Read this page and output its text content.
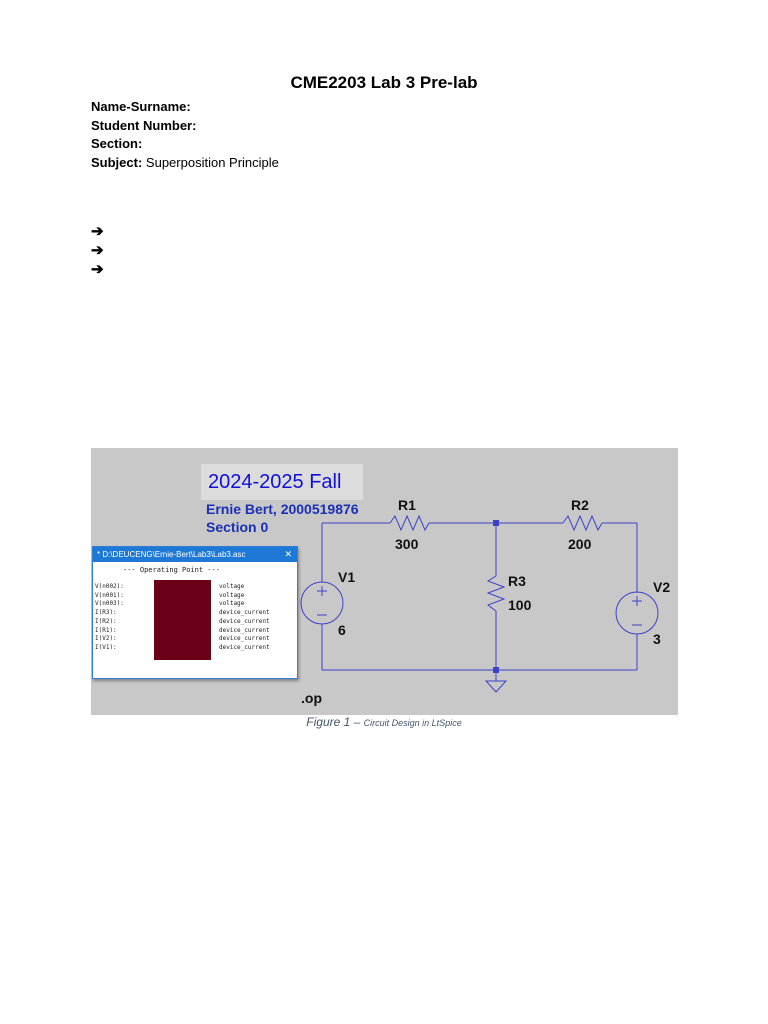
CME2203 Lab 3 Pre-lab
Name-Surname:
Student Number:
Section:
Subject: Superposition Principle
➔
➔
➔
2024-2025 Fall
Ernie Bert, 2000519876
Section 0
R1
300
R2
200
R3
100
V1
6
V2
3
.op
* D:\DEUCENG\Ernie-Bert\Lab3\Lab3.asc	✕
--- Operating Point ---
V(n002):
V(n001):
V(n003):
I(R3):
I(R2):
I(R1):
I(V2):
I(V1):
voltage
voltage
voltage
device_current
device_current
device_current
device_current
device_current
Figure 1 – Circuit Design in LtSpice
